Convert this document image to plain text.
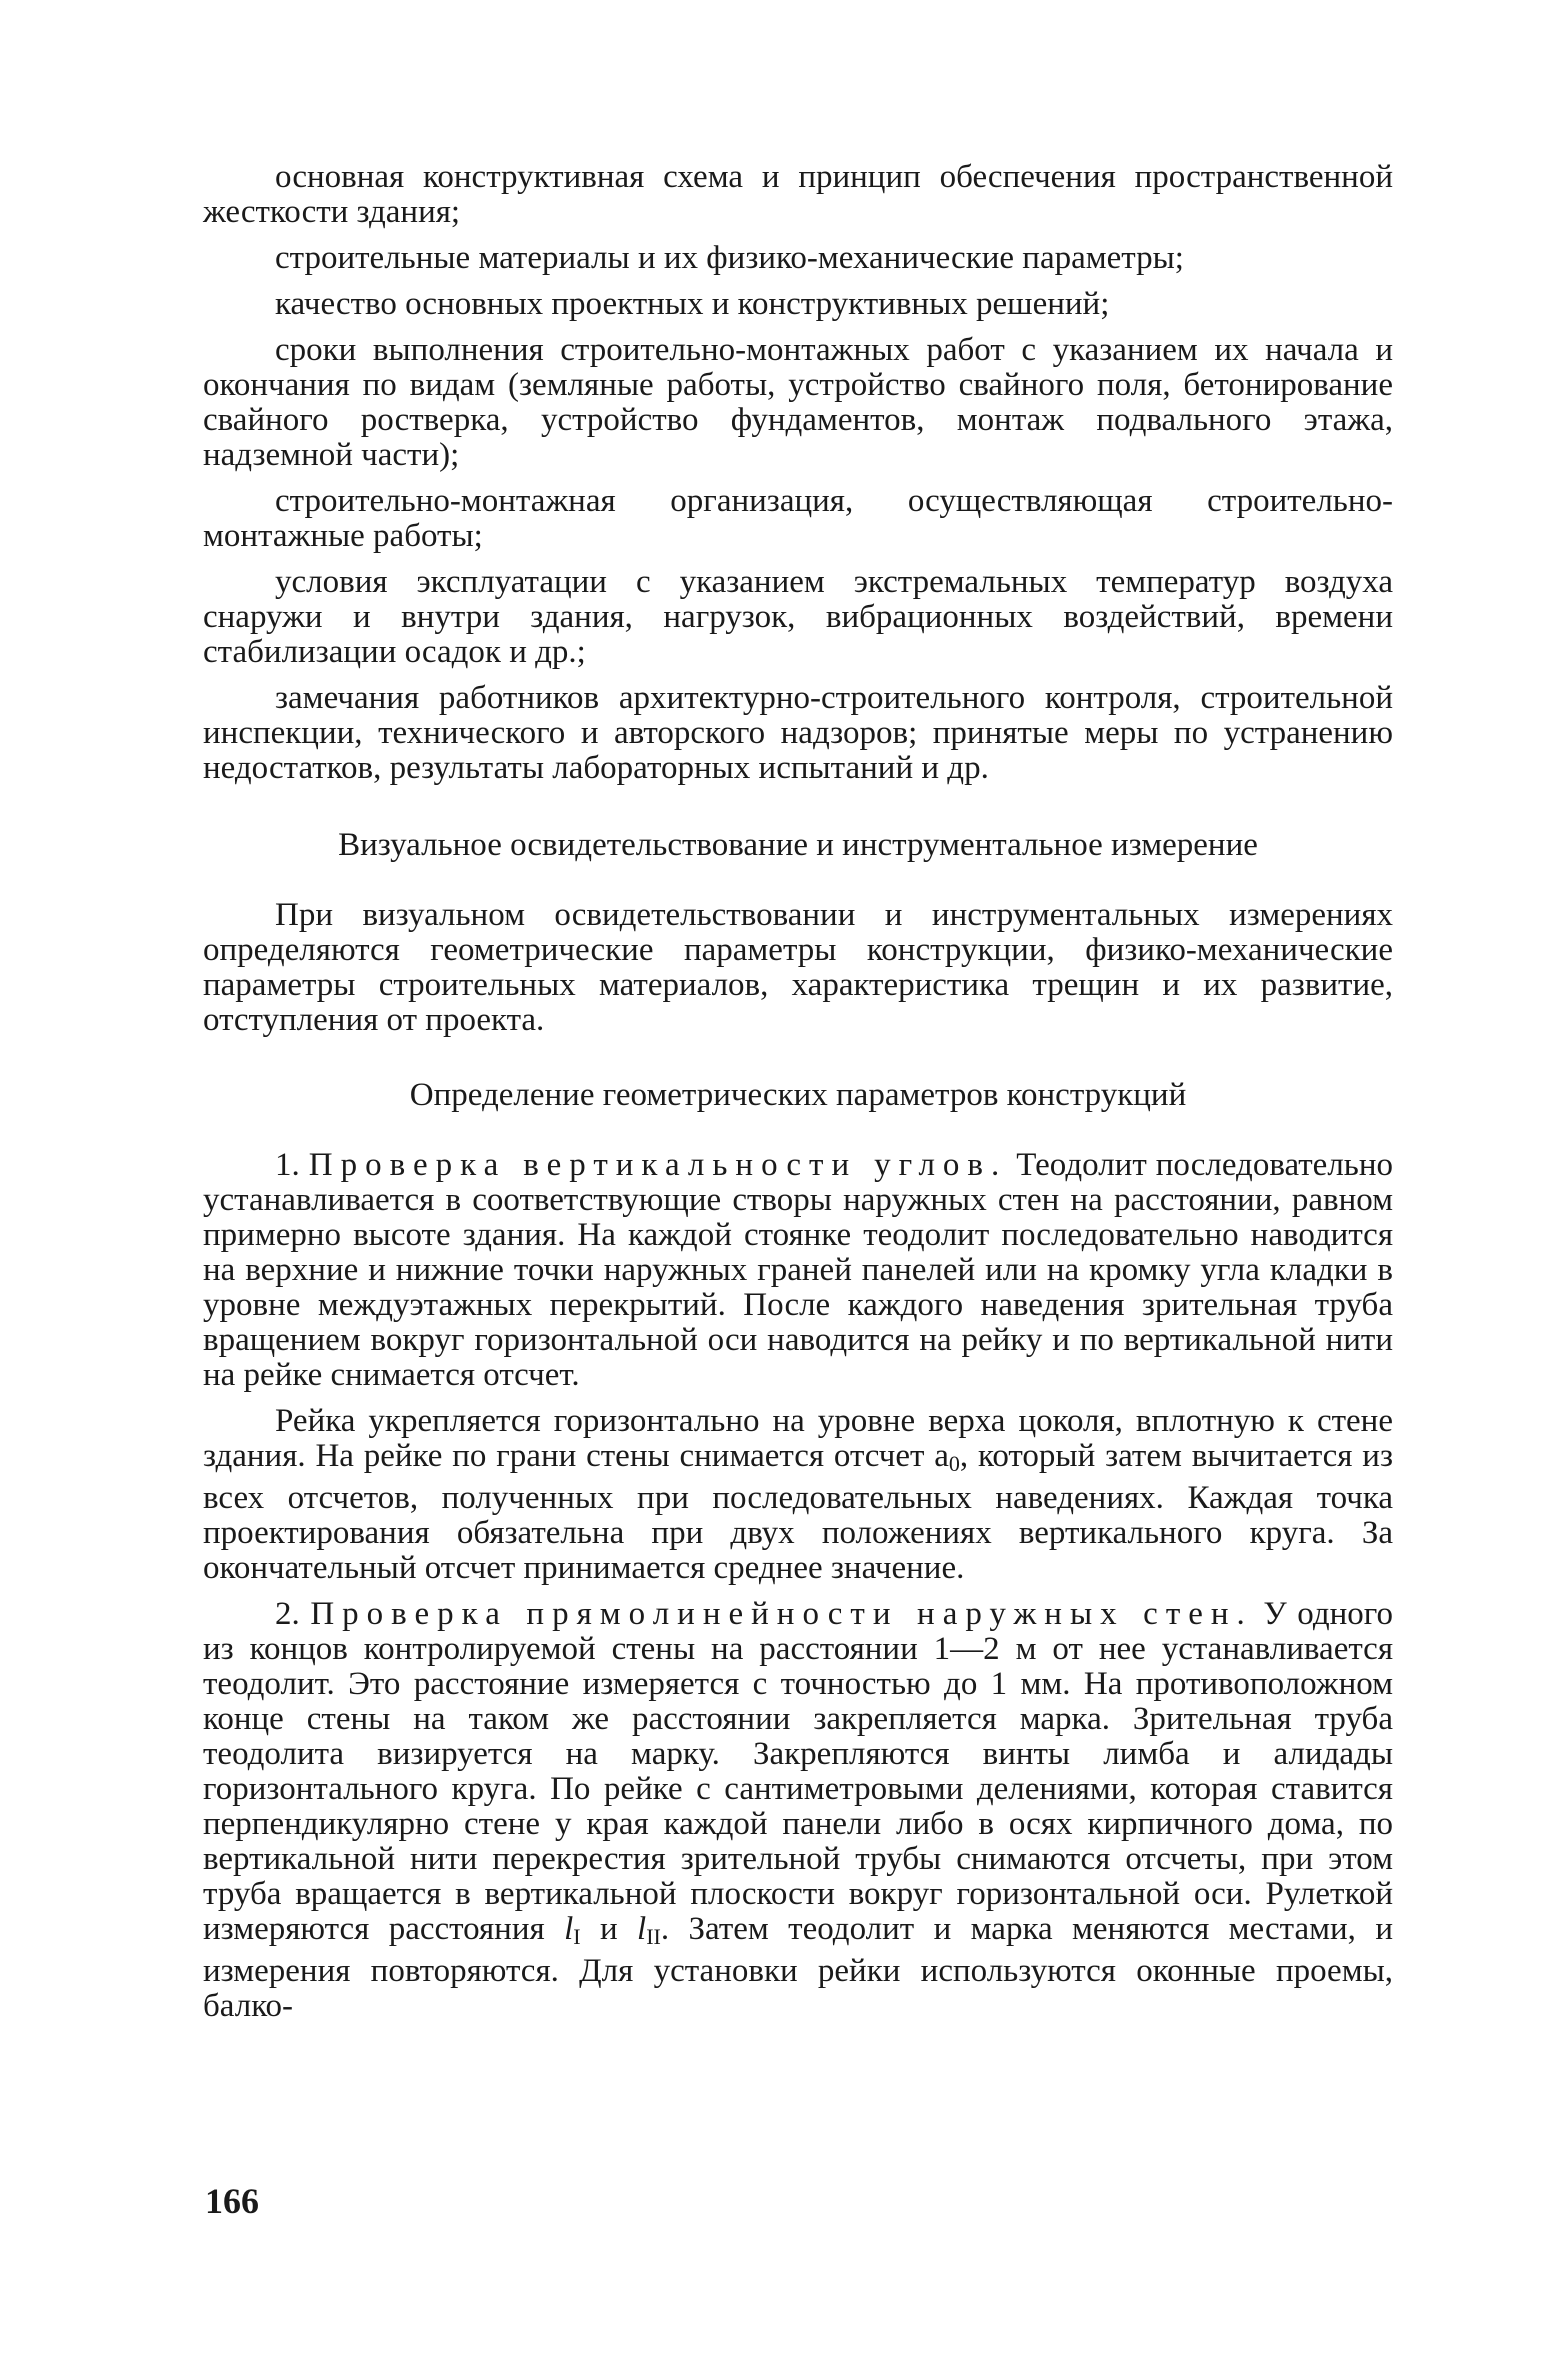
основная конструктивная схема и принцип обеспечения пространственной жесткости здания;

строительные материалы и их физико-механические параметры;

качество основных проектных и конструктивных решений;

сроки выполнения строительно-монтажных работ с указанием их начала и окончания по видам (земляные работы, устройство свайного поля, бетонирование свайного ростверка, устройство фундаментов, монтаж подвального этажа, надземной части);

строительно-монтажная организация, осуществляющая строительно-монтажные работы;

условия эксплуатации с указанием экстремальных температур воздуха снаружи и внутри здания, нагрузок, вибрационных воздействий, времени стабилизации осадок и др.;

замечания работников архитектурно-строительного контроля, строительной инспекции, технического и авторского надзоров; принятые меры по устранению недостатков, результаты лабораторных испытаний и др.

Визуальное освидетельствование и инструментальное измерение

При визуальном освидетельствовании и инструментальных измерениях определяются геометрические параметры конструкции, физико-механические параметры строительных материалов, характеристика трещин и их развитие, отступления от проекта.

Определение геометрических параметров конструкций

1. Проверка вертикальности углов. Теодолит последовательно устанавливается в соответствующие створы наружных стен на расстоянии, равном примерно высоте здания. На каждой стоянке теодолит последовательно наводится на верхние и нижние точки наружных граней панелей или на кромку угла кладки в уровне междуэтажных перекрытий. После каждого наведения зрительная труба вращением вокруг горизонтальной оси наводится на рейку и по вертикальной нити на рейке снимается отсчет.

Рейка укрепляется горизонтально на уровне верха цоколя, вплотную к стене здания. На рейке по грани стены снимается отсчет $a_0$, который затем вычитается из всех отсчетов, полученных при последовательных наведениях. Каждая точка проектирования обязательна при двух положениях вертикального круга. За окончательный отсчет принимается среднее значение.

2. Проверка прямолинейности наружных стен. У одного из концов контролируемой стены на расстоянии 1—2 м от нее устанавливается теодолит. Это расстояние измеряется с точностью до 1 мм. На противоположном конце стены на таком же расстоянии закрепляется марка. Зрительная труба теодолита визируется на марку. Закрепляются винты лимба и алидады горизонтального круга. По рейке с сантиметровыми делениями, которая ставится перпендикулярно стене у края каждой панели либо в осях кирпичного дома, по вертикальной нити перекрестия зрительной трубы снимаются отсчеты, при этом труба вращается в вертикальной плоскости вокруг горизонтальной оси. Рулеткой измеряются расстояния $l_I$ и $l_{II}$. Затем теодолит и марка меняются местами, и измерения повторяются. Для установки рейки используются оконные проемы, балко-

166
